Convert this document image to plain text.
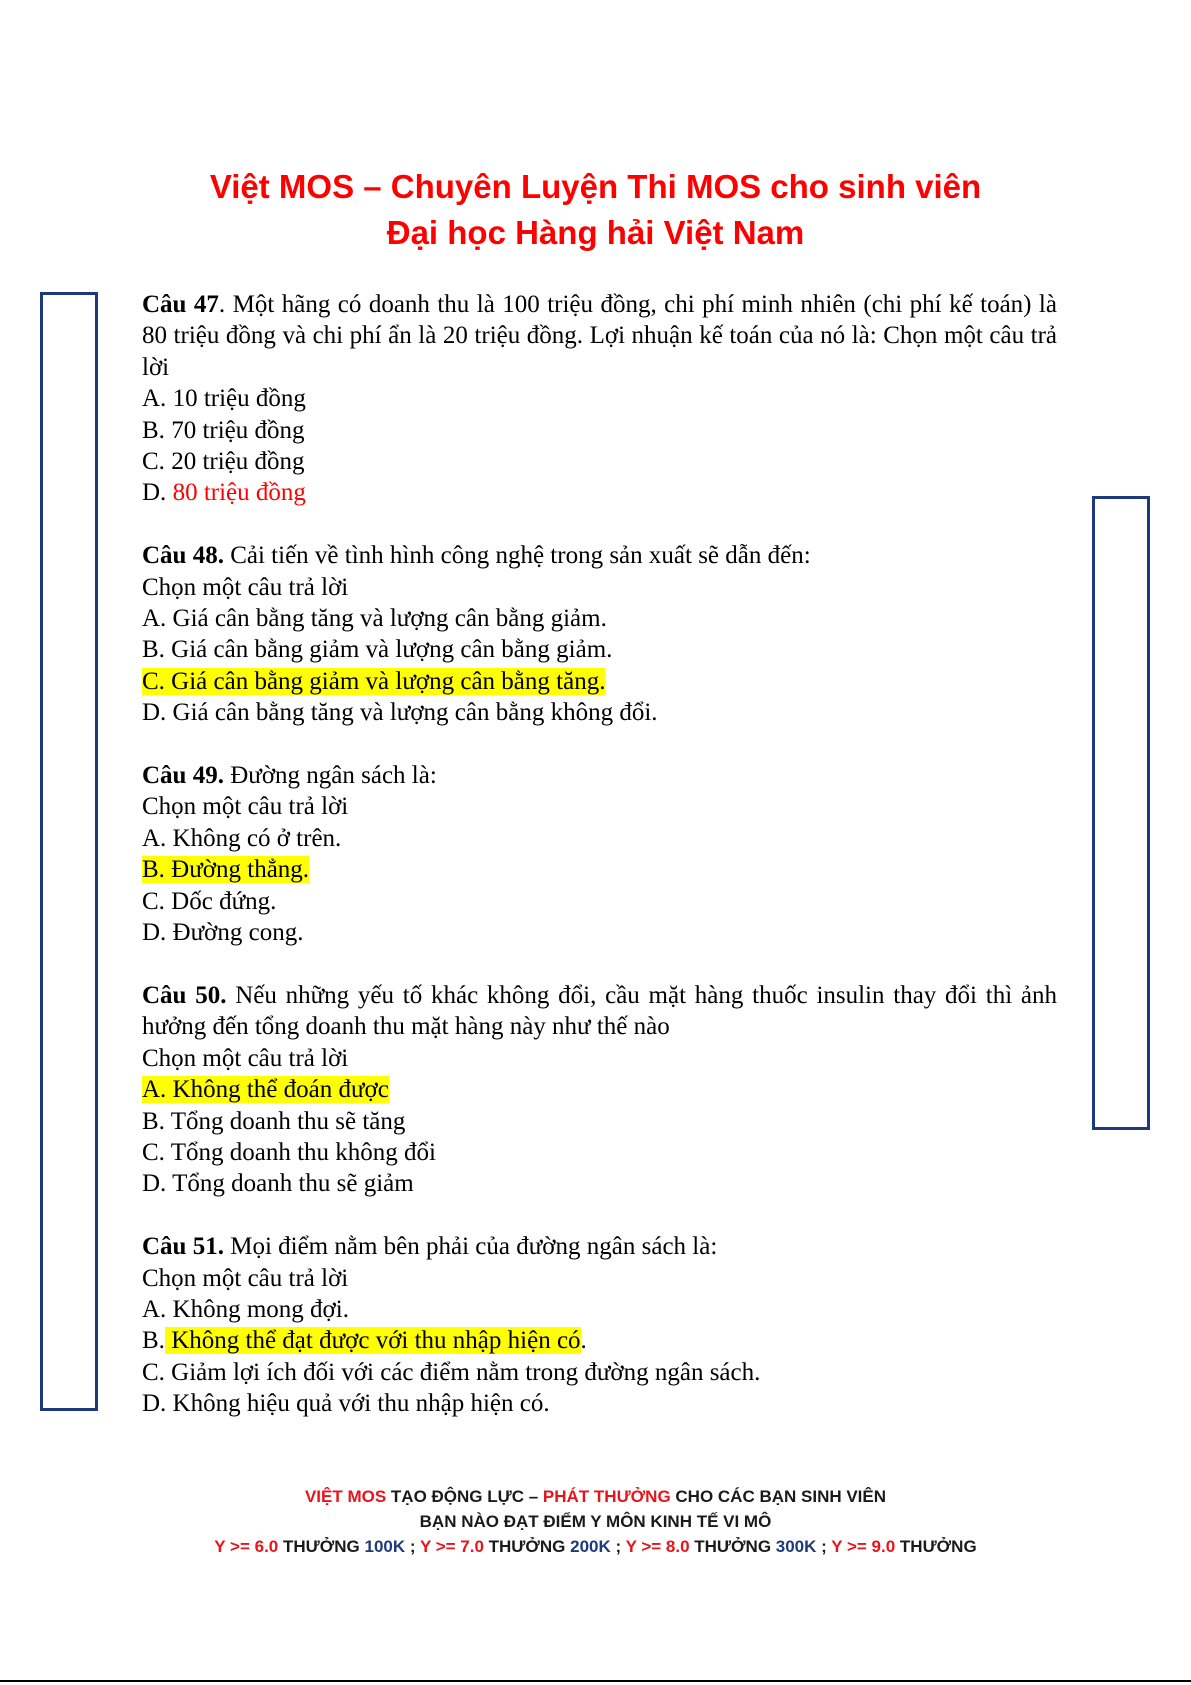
Việt MOS – Chuyên Luyện Thi MOS cho sinh viên
Đại học Hàng hải Việt Nam
Câu 47. Một hãng có doanh thu là 100 triệu đồng, chi phí minh nhiên (chi phí kế toán) là 80 triệu đồng và chi phí ẩn là 20 triệu đồng. Lợi nhuận kế toán của nó là: Chọn một câu trả lời
A. 10 triệu đồng
B. 70 triệu đồng
C. 20 triệu đồng
D. 80 triệu đồng
Câu 48. Cải tiến về tình hình công nghệ trong sản xuất sẽ dẫn đến:
Chọn một câu trả lời
A. Giá cân bằng tăng và lượng cân bằng giảm.
B. Giá cân bằng giảm và lượng cân bằng giảm.
C. Giá cân bằng giảm và lượng cân bằng tăng.
D. Giá cân bằng tăng và lượng cân bằng không đổi.
Câu 49. Đường ngân sách là:
Chọn một câu trả lời
A. Không có ở trên.
B. Đường thẳng.
C. Dốc đứng.
D. Đường cong.
Câu 50. Nếu những yếu tố khác không đổi, cầu mặt hàng thuốc insulin thay đổi thì ảnh hưởng đến tổng doanh thu mặt hàng này như thế nào
Chọn một câu trả lời
A. Không thể đoán được
B. Tổng doanh thu sẽ tăng
C. Tổng doanh thu không đổi
D. Tổng doanh thu sẽ giảm
Câu 51. Mọi điểm nằm bên phải của đường ngân sách là:
Chọn một câu trả lời
A. Không mong đợi.
B. Không thể đạt được với thu nhập hiện có.
C. Giảm lợi ích đối với các điểm nằm trong đường ngân sách.
D. Không hiệu quả với thu nhập hiện có.
VIỆT MOS TẠO ĐỘNG LỰC – PHÁT THƯỞNG CHO CÁC BẠN SINH VIÊN
BẠN NÀO ĐẠT ĐIỂM Y MÔN KINH TẾ VI MÔ
Y >= 6.0 THƯỞNG 100K ; Y >= 7.0 THƯỞNG 200K ; Y >= 8.0 THƯỞNG 300K ; Y >= 9.0 THƯỞNG
